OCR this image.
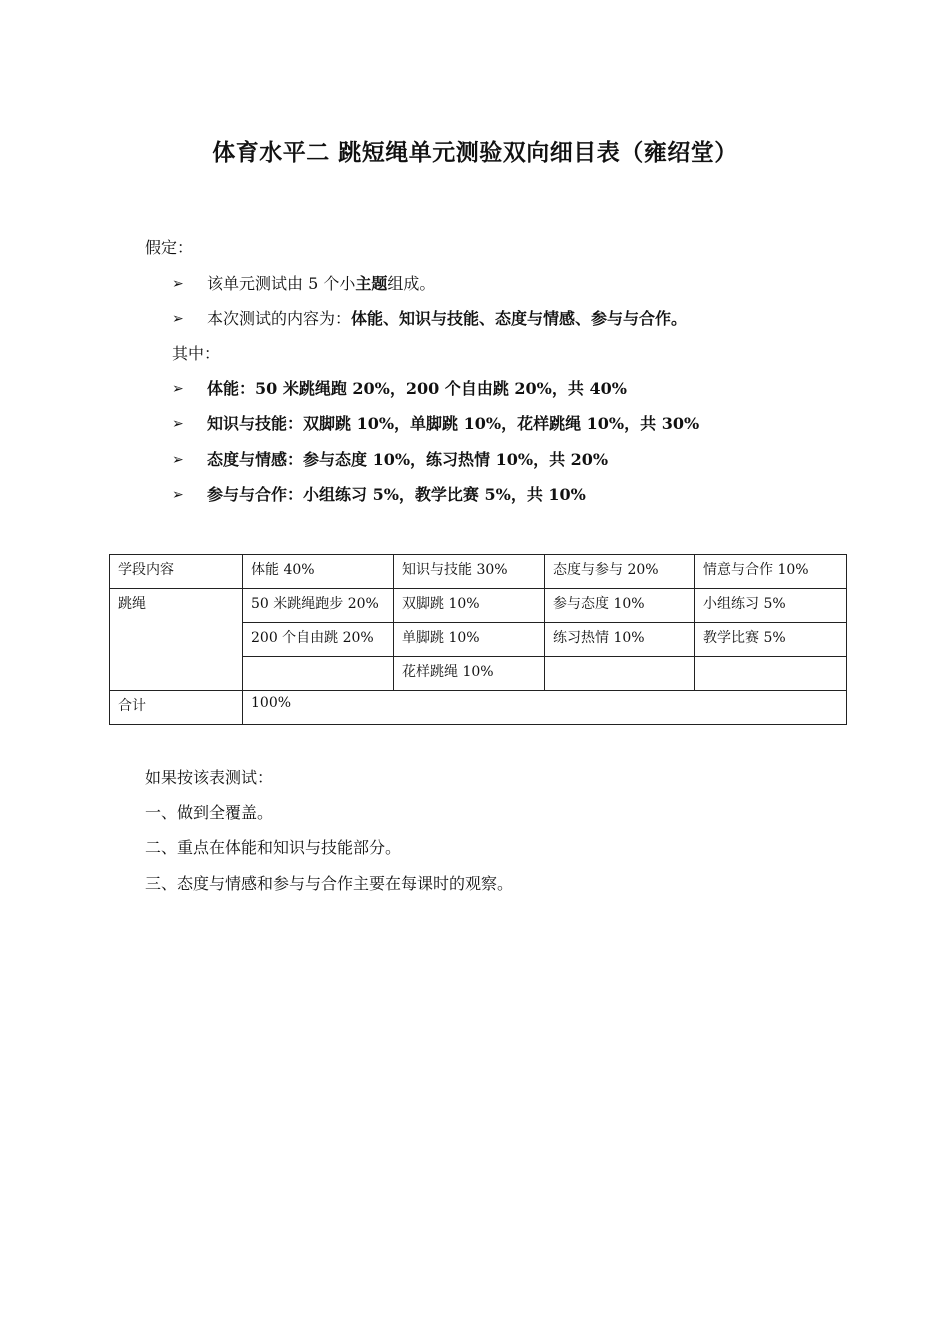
体育水平二 跳短绳单元测验双向细目表（雍绍堂）
假定：
➢ 该单元测试由 5 个小主题组成。
➢ 本次测试的内容为：体能、知识与技能、态度与情感、参与与合作。
其中：
➢ 体能：50 米跳绳跑 20%，200 个自由跳 20%，共 40%
➢ 知识与技能：双脚跳 10%，单脚跳 10%，花样跳绳 10%，共 30%
➢ 态度与情感：参与态度 10%，练习热情 10%，共 20%
➢ 参与与合作：小组练习 5%，教学比赛 5%，共 10%
学段内容	体能 40%	知识与技能 30%	态度与参与 20%	情意与合作 10%
跳绳	50 米跳绳跑步 20%	双脚跳 10%	参与态度 10%	小组练习 5%
	200 个自由跳 20%	单脚跳 10%	练习热情 10%	教学比赛 5%
		花样跳绳 10%		
合计	100%			
如果按该表测试：
一、做到全覆盖。
二、重点在体能和知识与技能部分。
三、态度与情感和参与与合作主要在每课时的观察。
